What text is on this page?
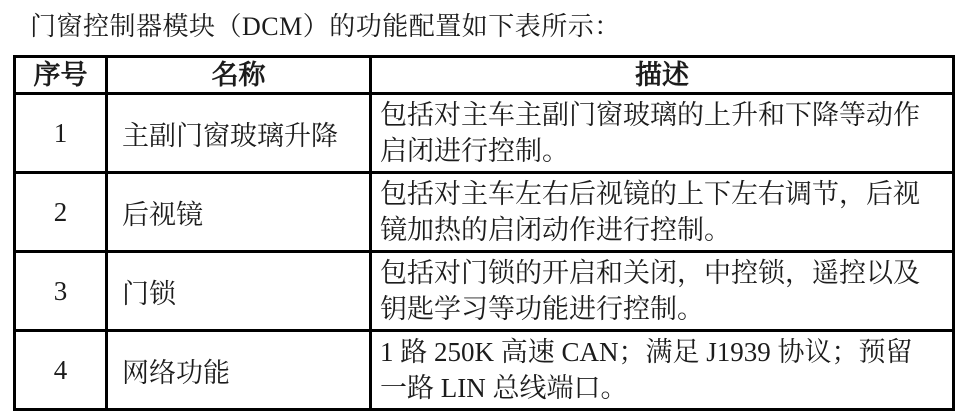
门窗控制器模块（DCM）的功能配置如下表所示：
序号	名称	描述
1	主副门窗玻璃升降	包括对主车主副门窗玻璃的上升和下降等动作启闭进行控制。
2	后视镜	包括对主车左右后视镜的上下左右调节，后视镜加热的启闭动作进行控制。
3	门锁	包括对门锁的开启和关闭，中控锁，遥控以及钥匙学习等功能进行控制。
4	网络功能	1 路 250K 高速 CAN；满足 J1939 协议；预留一路 LIN 总线端口。
